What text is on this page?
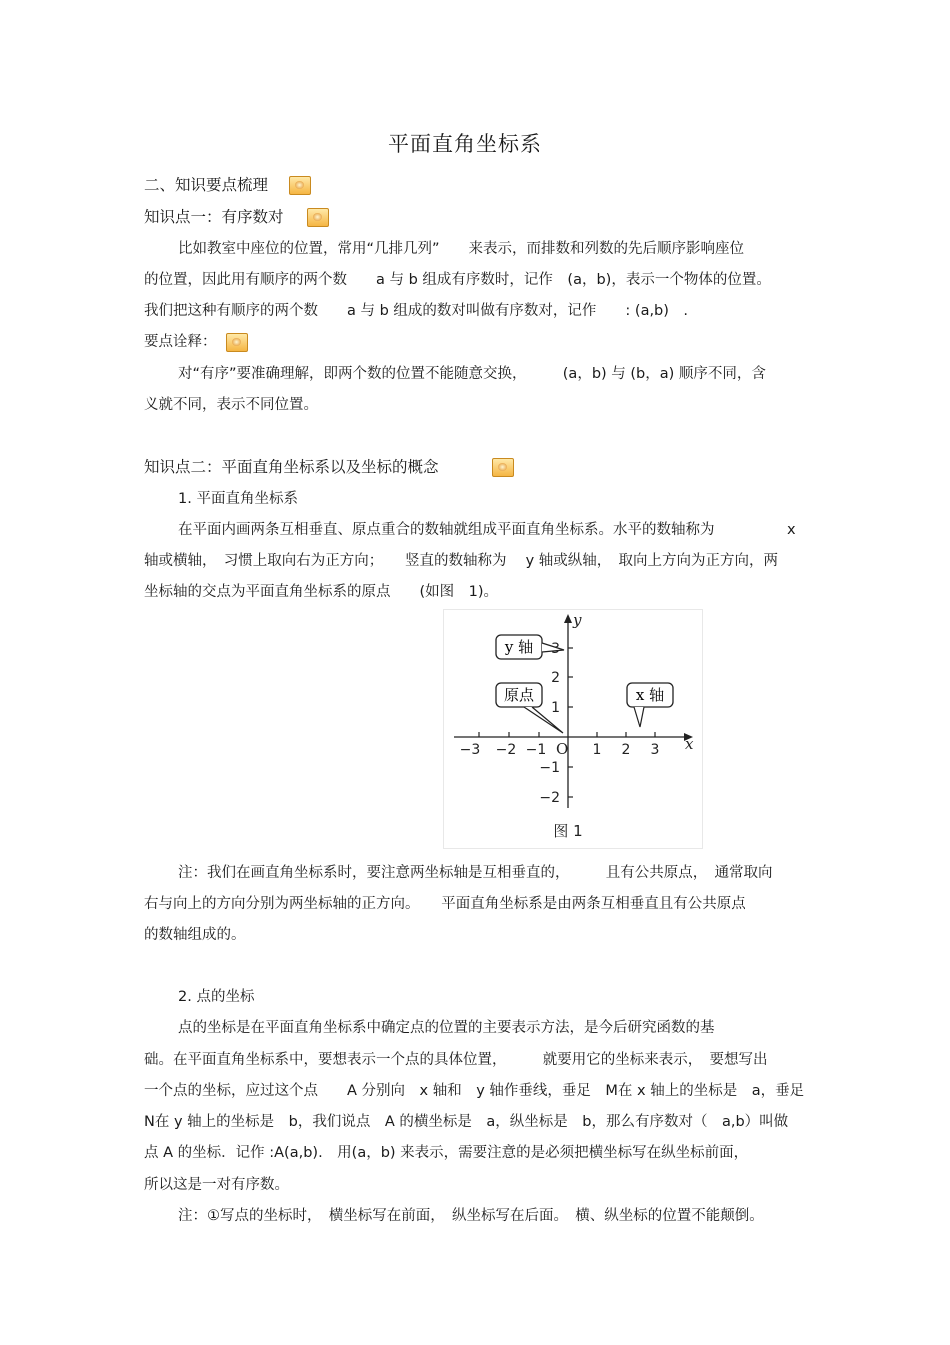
平面直角坐标系
二、知识要点梳理
知识点一：有序数对
比如教室中座位的位置，常用“几排几列”　　来表示，而排数和列数的先后顺序影响座位
的位置，因此用有顺序的两个数　　a 与 b 组成有序数时，记作　(a，b)，表示一个物体的位置。
我们把这种有顺序的两个数　　a 与 b 组成的数对叫做有序数对，记作　　: (a,b)　.
要点诠释：
对“有序”要准确理解，即两个数的位置不能随意交换，　　　(a，b) 与 (b，a) 顺序不同，含
义就不同，表示不同位置。
知识点二：平面直角坐标系以及坐标的概念
1. 平面直角坐标系
在平面内画两条互相垂直、原点重合的数轴就组成平面直角坐标系。水平的数轴称为　　　　　x
轴或横轴，　习惯上取向右为正方向；　　竖直的数轴称为　 y 轴或纵轴，　取向上方向为正方向，两
坐标轴的交点为平面直角坐标系的原点　　(如图　1)。
−3 −2 −1	1 2 3
2
1
−1
−2
O	x
y
y 轴
原点	x 轴
图 1
注：我们在画直角坐标系时，要注意两坐标轴是互相垂直的，　　　且有公共原点，　通常取向
右与向上的方向分别为两坐标轴的正方向。　　平面直角坐标系是由两条互相垂直且有公共原点
的数轴组成的。
2. 点的坐标
点的坐标是在平面直角坐标系中确定点的位置的主要表示方法，是今后研究函数的基
础。在平面直角坐标系中，要想表示一个点的具体位置，　　　就要用它的坐标来表示，　要想写出
一个点的坐标，应过这个点　　A 分别向　x 轴和　y 轴作垂线，垂足　M在 x 轴上的坐标是　a，垂足
N在 y 轴上的坐标是　b，我们说点　A 的横坐标是　a，纵坐标是　b，那么有序数对（　a,b）叫做
点 A 的坐标．记作 :A(a,b).　用(a，b) 来表示，需要注意的是必须把横坐标写在纵坐标前面，
所以这是一对有序数。
注：①写点的坐标时，　横坐标写在前面，　纵坐标写在后面。　横、纵坐标的位置不能颠倒。
